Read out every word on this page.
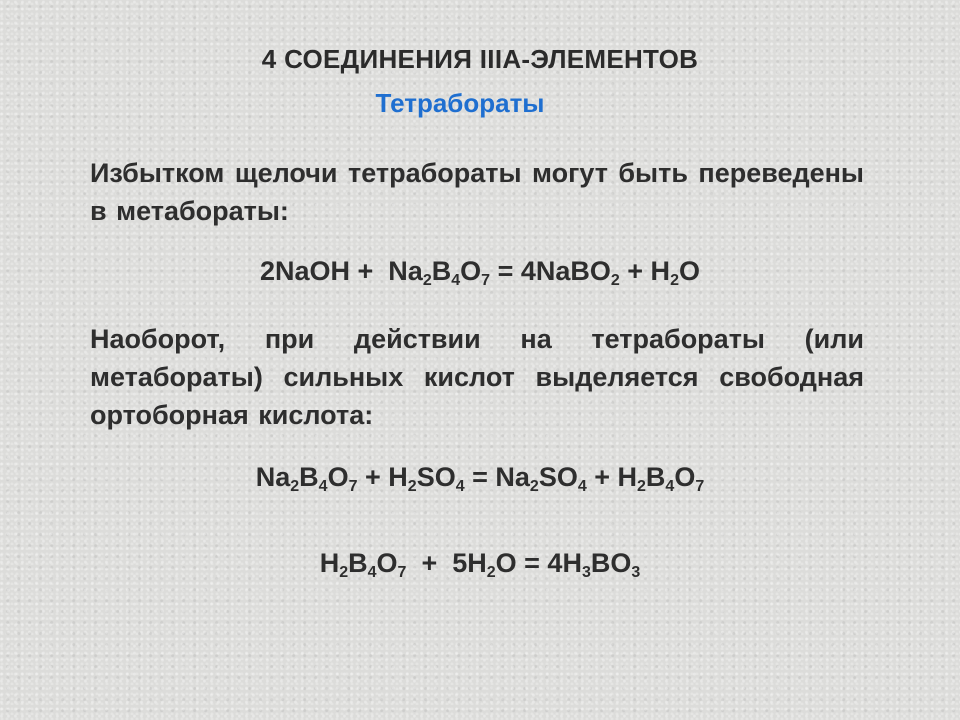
4 СОЕДИНЕНИЯ IIIA-ЭЛЕМЕНТОВ
Тетрабораты
Избытком щелочи тетрабораты могут быть переведены в метабораты:
2NaOH +  $Na_2B_4O_7$ = 4NaBO$_2$ + $H_2O$
Наоборот, при действии на тетрабораты (или метабораты) сильных кислот выделяется свободная ортоборная кислота:
$Na_2B_4O_7 + H_2SO_4 = Na_2SO_4 + H_2B_4O_7$
$H_2B_4O_7 + 5H_2O = 4H_3BO_3$
